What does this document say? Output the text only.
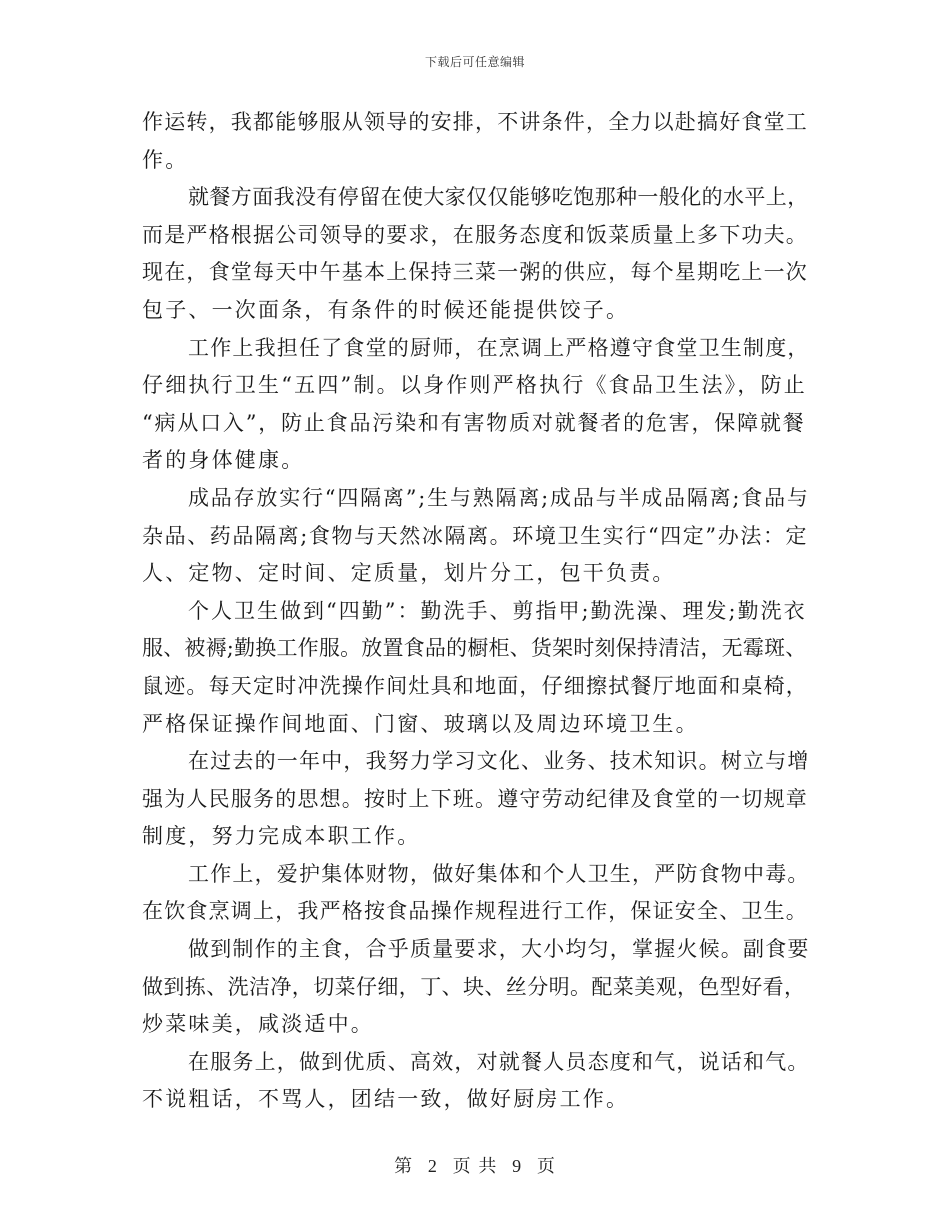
下载后可任意编辑
作运转，我都能够服从领导的安排，不讲条件，全力以赴搞好食堂工
作。
就餐方面我没有停留在使大家仅仅能够吃饱那种一般化的水平上，
而是严格根据公司领导的要求，在服务态度和饭菜质量上多下功夫。
现在，食堂每天中午基本上保持三菜一粥的供应，每个星期吃上一次
包子、一次面条，有条件的时候还能提供饺子。
工作上我担任了食堂的厨师，在烹调上严格遵守食堂卫生制度，
仔细执行卫生“五四”制。以身作则严格执行《食品卫生法》，防止
“病从口入”，防止食品污染和有害物质对就餐者的危害，保障就餐
者的身体健康。
成品存放实行“四隔离”;生与熟隔离;成品与半成品隔离;食品与
杂品、药品隔离;食物与天然冰隔离。环境卫生实行“四定”办法：定
人、定物、定时间、定质量，划片分工，包干负责。
个人卫生做到“四勤”：勤洗手、剪指甲;勤洗澡、理发;勤洗衣
服、被褥;勤换工作服。放置食品的橱柜、货架时刻保持清洁，无霉斑、
鼠迹。每天定时冲洗操作间灶具和地面，仔细擦拭餐厅地面和桌椅，
严格保证操作间地面、门窗、玻璃以及周边环境卫生。
在过去的一年中，我努力学习文化、业务、技术知识。树立与增
强为人民服务的思想。按时上下班。遵守劳动纪律及食堂的一切规章
制度，努力完成本职工作。
工作上，爱护集体财物，做好集体和个人卫生，严防食物中毒。
在饮食烹调上，我严格按食品操作规程进行工作，保证安全、卫生。
做到制作的主食，合乎质量要求，大小均匀，掌握火候。副食要
做到拣、洗洁净，切菜仔细，丁、块、丝分明。配菜美观，色型好看，
炒菜味美，咸淡适中。
在服务上，做到优质、高效，对就餐人员态度和气，说话和气。
不说粗话，不骂人，团结一致，做好厨房工作。
第 2 页 共 9 页
